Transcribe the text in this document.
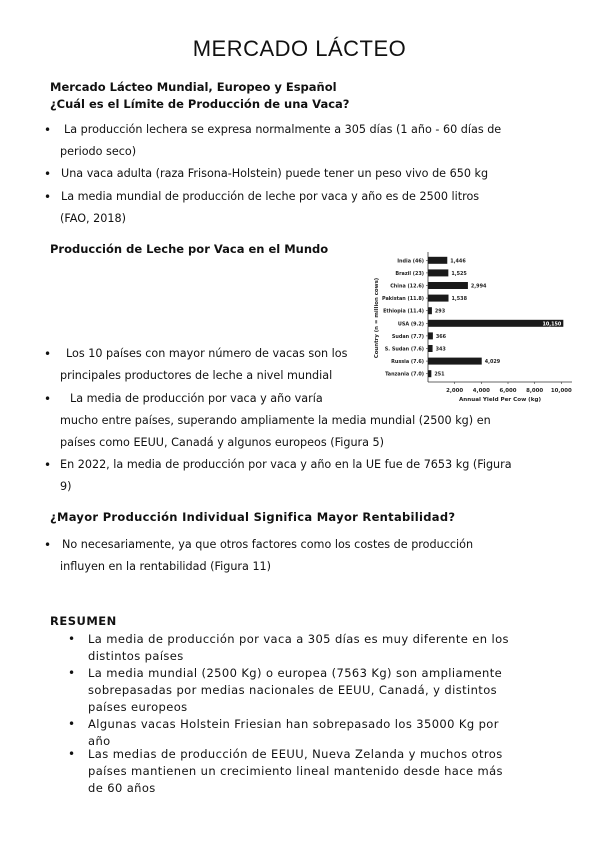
MERCADO LÁCTEO
Mercado Lácteo Mundial, Europeo y Español
¿Cuál es el Límite de Producción de una Vaca?
• La producción lechera se expresa normalmente a 305 días (1 año - 60 días de
periodo seco)
• Una vaca adulta (raza Frisona-Holstein) puede tener un peso vivo de 650 kg
• La media mundial de producción de leche por vaca y año es de 2500 litros
(FAO, 2018)
Producción de Leche por Vaca en el Mundo
India (46)	1,446
Brazil (23)	1,525
China (12.6)	2,994
Pakistan (11.8)	1,538
Ethiopia (11.4) 293
USA (9.2)	10,150
Sudan (7.7) 366
S. Sudan (7.6) 343
Russia (7.6)	4,029
Tanzania (7.0) 251
2,000 4,000 6,000 8,000 10,000
Annual Yield Per Cow (kg)
Country (n = million cows)
• Los 10 países con mayor número de vacas son los
principales productores de leche a nivel mundial
• La media de producción por vaca y año varía
mucho entre países, superando ampliamente la media mundial (2500 kg) en
países como EEUU, Canadá y algunos europeos (Figura 5)
• En 2022, la media de producción por vaca y año en la UE fue de 7653 kg (Figura
9)
¿Mayor Producción Individual Significa Mayor Rentabilidad?
• No necesariamente, ya que otros factores como los costes de producción
influyen en la rentabilidad (Figura 11)
RESUMEN
• La media de producción por vaca a 305 días es muy diferente en los
distintos países
• La media mundial (2500 Kg) o europea (7563 Kg) son ampliamente
sobrepasadas por medias nacionales de EEUU, Canadá, y distintos
países europeos
• Algunas vacas Holstein Friesian han sobrepasado los 35000 Kg por
año
• Las medias de producción de EEUU, Nueva Zelanda y muchos otros
países mantienen un crecimiento lineal mantenido desde hace más
de 60 años
